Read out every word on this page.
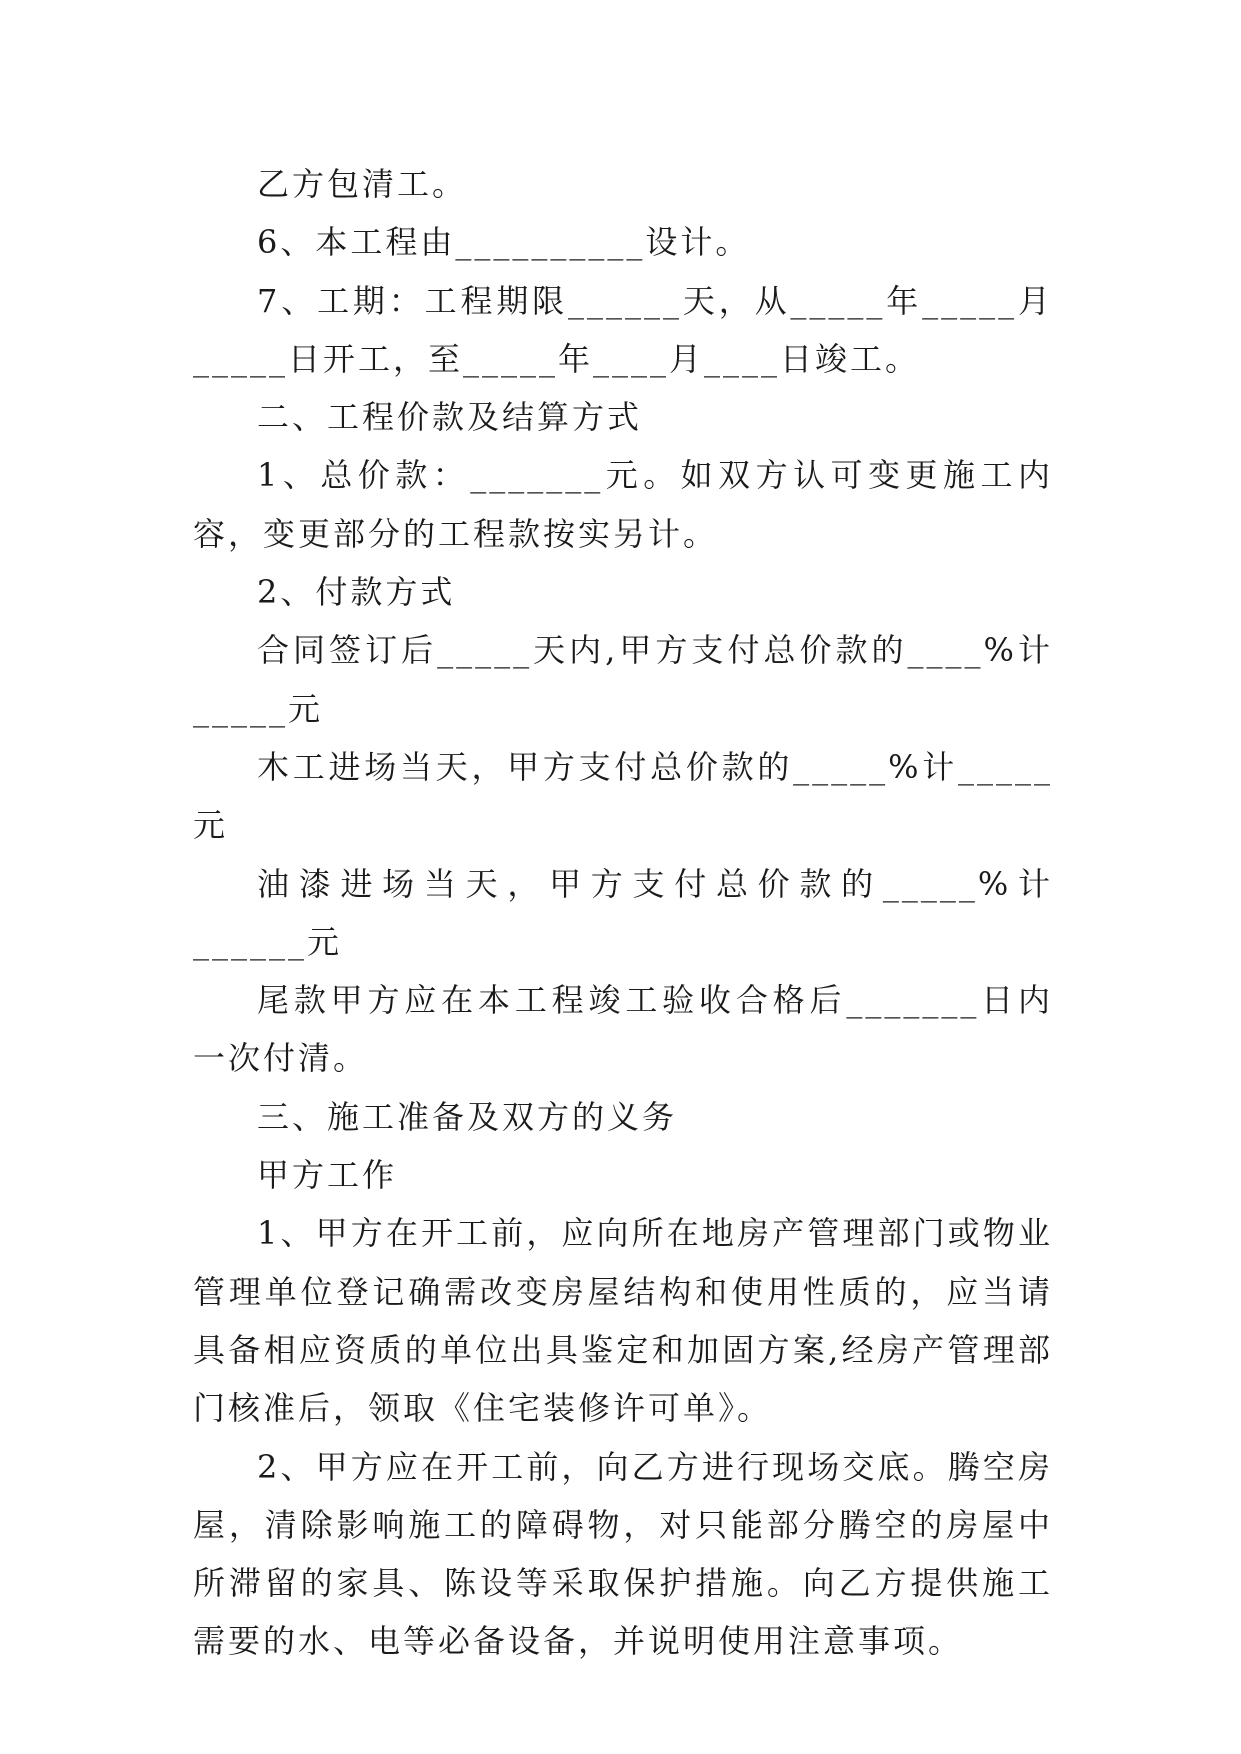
乙方包清工。

6、本工程由__________设计。

7、工期：工程期限______天，从_____年_____月_____日开工，至_____年____月____日竣工。

二、工程价款及结算方式

1、总价款：_______元。如双方认可变更施工内容，变更部分的工程款按实另计。

2、付款方式

合同签订后_____天内,甲方支付总价款的____%计_____元

木工进场当天，甲方支付总价款的_____%计_____元

油漆进场当天，甲方支付总价款的_____%计______元

尾款甲方应在本工程竣工验收合格后_______日内一次付清。

三、施工准备及双方的义务

甲方工作

1、甲方在开工前，应向所在地房产管理部门或物业管理单位登记确需改变房屋结构和使用性质的，应当请具备相应资质的单位出具鉴定和加固方案,经房产管理部门核准后，领取《住宅装修许可单》。

2、甲方应在开工前，向乙方进行现场交底。腾空房屋，清除影响施工的障碍物，对只能部分腾空的房屋中所滞留的家具、陈设等采取保护措施。向乙方提供施工需要的水、电等必备设备，并说明使用注意事项。
